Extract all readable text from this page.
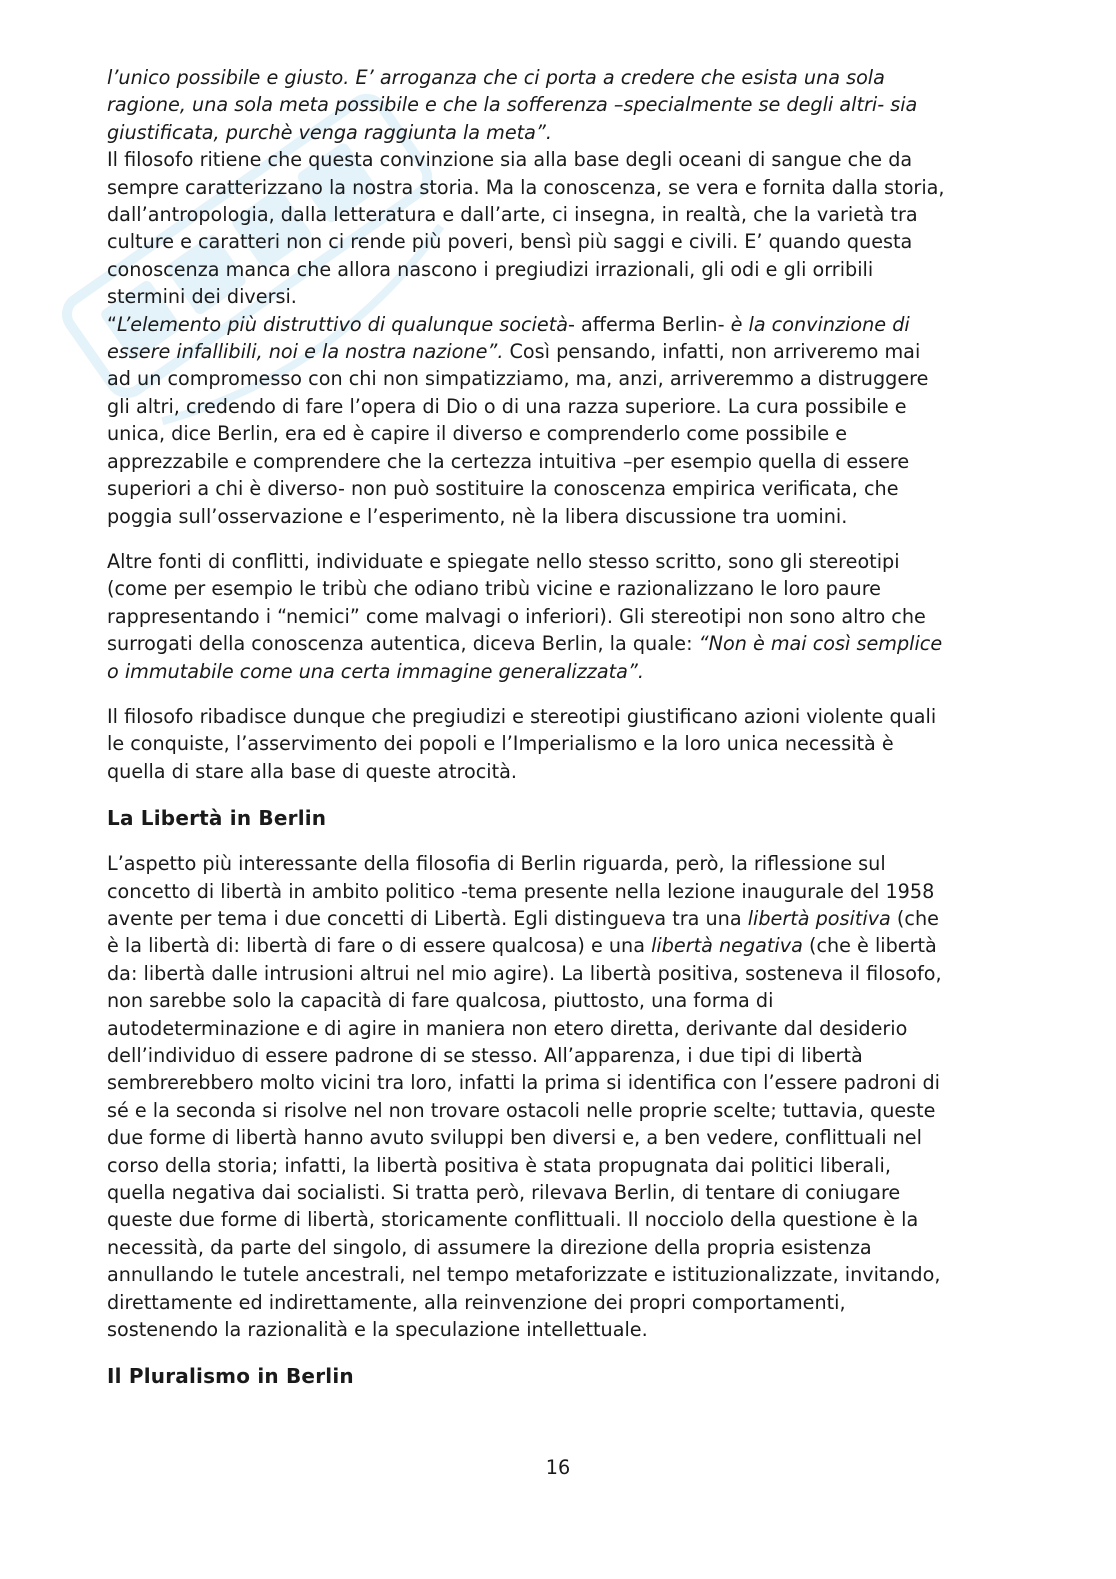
l’unico possibile e giusto. E’ arroganza che ci porta a credere che esista una sola
ragione, una sola meta possibile e che la sofferenza –specialmente se degli altri- sia
giustificata, purchè venga raggiunta la meta”.
Il filosofo ritiene che questa convinzione sia alla base degli oceani di sangue che da
sempre caratterizzano la nostra storia. Ma la conoscenza, se vera e fornita dalla storia,
dall’antropologia, dalla letteratura e dall’arte, ci insegna, in realtà, che la varietà tra
culture e caratteri non ci rende più poveri, bensì più saggi e civili. E’ quando questa
conoscenza manca che allora nascono i pregiudizi irrazionali, gli odi e gli orribili
stermini dei diversi.
“L’elemento più distruttivo di qualunque società- afferma Berlin- è la convinzione di
essere infallibili, noi e la nostra nazione”. Così pensando, infatti, non arriveremo mai
ad un compromesso con chi non simpatizziamo, ma, anzi, arriveremmo a distruggere
gli altri, credendo di fare l’opera di Dio o di una razza superiore. La cura possibile e
unica, dice Berlin, era ed è capire il diverso e comprenderlo come possibile e
apprezzabile e comprendere che la certezza intuitiva –per esempio quella di essere
superiori a chi è diverso- non può sostituire la conoscenza empirica verificata, che
poggia sull’osservazione e l’esperimento, nè la libera discussione tra uomini.

Altre fonti di conflitti, individuate e spiegate nello stesso scritto, sono gli stereotipi
(come per esempio le tribù che odiano tribù vicine e razionalizzano le loro paure
rappresentando i “nemici” come malvagi o inferiori). Gli stereotipi non sono altro che
surrogati della conoscenza autentica, diceva Berlin, la quale: “Non è mai così semplice
o immutabile come una certa immagine generalizzata”.

Il filosofo ribadisce dunque che pregiudizi e stereotipi giustificano azioni violente quali
le conquiste, l’asservimento dei popoli e l’Imperialismo e la loro unica necessità è
quella di stare alla base di queste atrocità.

La Libertà in Berlin

L’aspetto più interessante della filosofia di Berlin riguarda, però, la riflessione sul
concetto di libertà in ambito politico -tema presente nella lezione inaugurale del 1958
avente per tema i due concetti di Libertà. Egli distingueva tra una libertà positiva (che
è la libertà di: libertà di fare o di essere qualcosa) e una libertà negativa (che è libertà
da: libertà dalle intrusioni altrui nel mio agire). La libertà positiva, sosteneva il filosofo,
non sarebbe solo la capacità di fare qualcosa, piuttosto, una forma di
autodeterminazione e di agire in maniera non etero diretta, derivante dal desiderio
dell’individuo di essere padrone di se stesso. All’apparenza, i due tipi di libertà
sembrerebbero molto vicini tra loro, infatti la prima si identifica con l’essere padroni di
sé e la seconda si risolve nel non trovare ostacoli nelle proprie scelte; tuttavia, queste
due forme di libertà hanno avuto sviluppi ben diversi e, a ben vedere, conflittuali nel
corso della storia; infatti, la libertà positiva è stata propugnata dai politici liberali,
quella negativa dai socialisti. Si tratta però, rilevava Berlin, di tentare di coniugare
queste due forme di libertà, storicamente conflittuali. Il nocciolo della questione è la
necessità, da parte del singolo, di assumere la direzione della propria esistenza
annullando le tutele ancestrali, nel tempo metaforizzate e istituzionalizzate, invitando,
direttamente ed indirettamente, alla reinvenzione dei propri comportamenti,
sostenendo la razionalità e la speculazione intellettuale.

Il Pluralismo in Berlin
16
